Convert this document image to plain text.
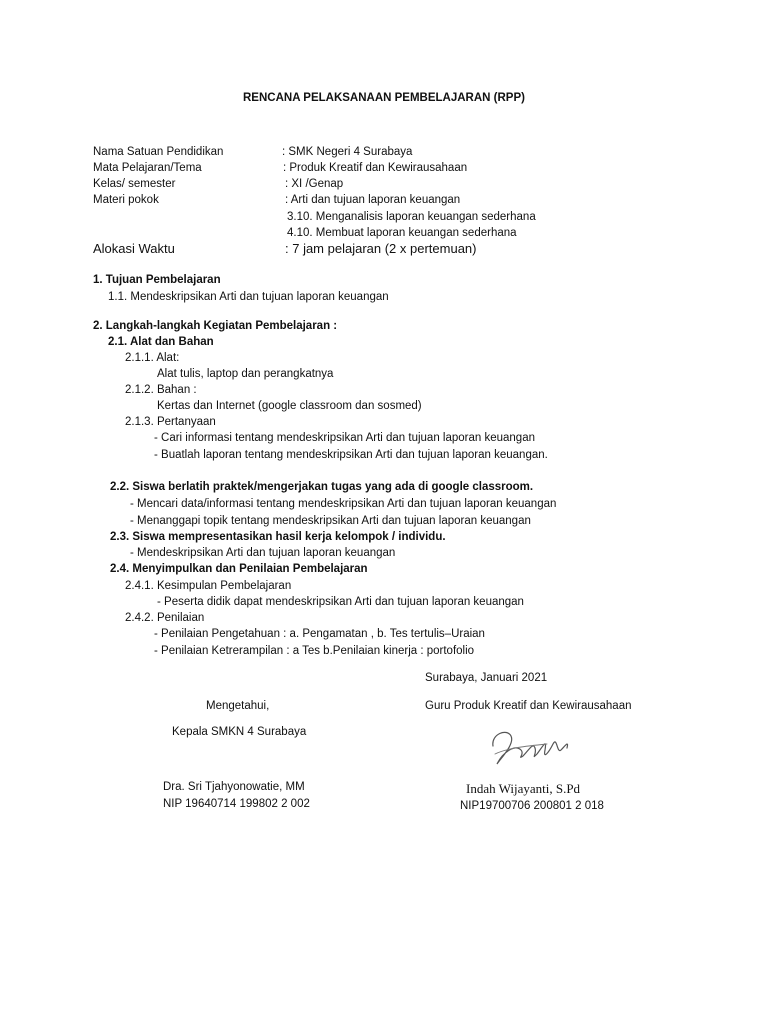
RENCANA PELAKSANAAN PEMBELAJARAN (RPP)
Nama Satuan Pendidikan	: SMK Negeri 4 Surabaya
Mata Pelajaran/Tema	: Produk Kreatif dan Kewirausahaan
Kelas/ semester	: XI /Genap
Materi pokok	: Arti dan tujuan laporan keuangan
3.10. Menganalisis laporan keuangan sederhana
4.10. Membuat laporan keuangan sederhana
Alokasi Waktu	: 7 jam pelajaran (2 x pertemuan)
1. Tujuan Pembelajaran
1.1. Mendeskripsikan Arti dan tujuan laporan keuangan
2. Langkah-langkah Kegiatan Pembelajaran :
2.1. Alat dan Bahan
2.1.1. Alat:
Alat tulis, laptop dan perangkatnya
2.1.2. Bahan :
Kertas dan Internet (google classroom dan sosmed)
2.1.3. Pertanyaan
- Cari informasi tentang mendeskripsikan Arti dan tujuan laporan keuangan
- Buatlah laporan tentang mendeskripsikan Arti dan tujuan laporan keuangan.
2.2. Siswa berlatih praktek/mengerjakan tugas yang ada di google classroom.
- Mencari data/informasi tentang mendeskripsikan Arti dan tujuan laporan keuangan
- Menanggapi topik tentang mendeskripsikan Arti dan tujuan laporan keuangan
2.3. Siswa mempresentasikan hasil kerja kelompok / individu.
- Mendeskripsikan Arti dan tujuan laporan keuangan
2.4. Menyimpulkan dan Penilaian Pembelajaran
2.4.1. Kesimpulan Pembelajaran
- Peserta didik dapat mendeskripsikan Arti dan tujuan laporan keuangan
2.4.2. Penilaian
- Penilaian Pengetahuan : a. Pengamatan , b. Tes tertulis–Uraian
- Penilaian Ketrerampilan : a Tes b.Penilaian kinerja : portofolio
Surabaya, Januari 2021
Mengetahui,	Guru Produk Kreatif dan Kewirausahaan
Kepala SMKN 4 Surabaya
Dra. Sri Tjahyonowatie, MM	Indah Wijayanti, S.Pd
NIP 19640714 199802 2 002	NIP19700706 200801 2 018
